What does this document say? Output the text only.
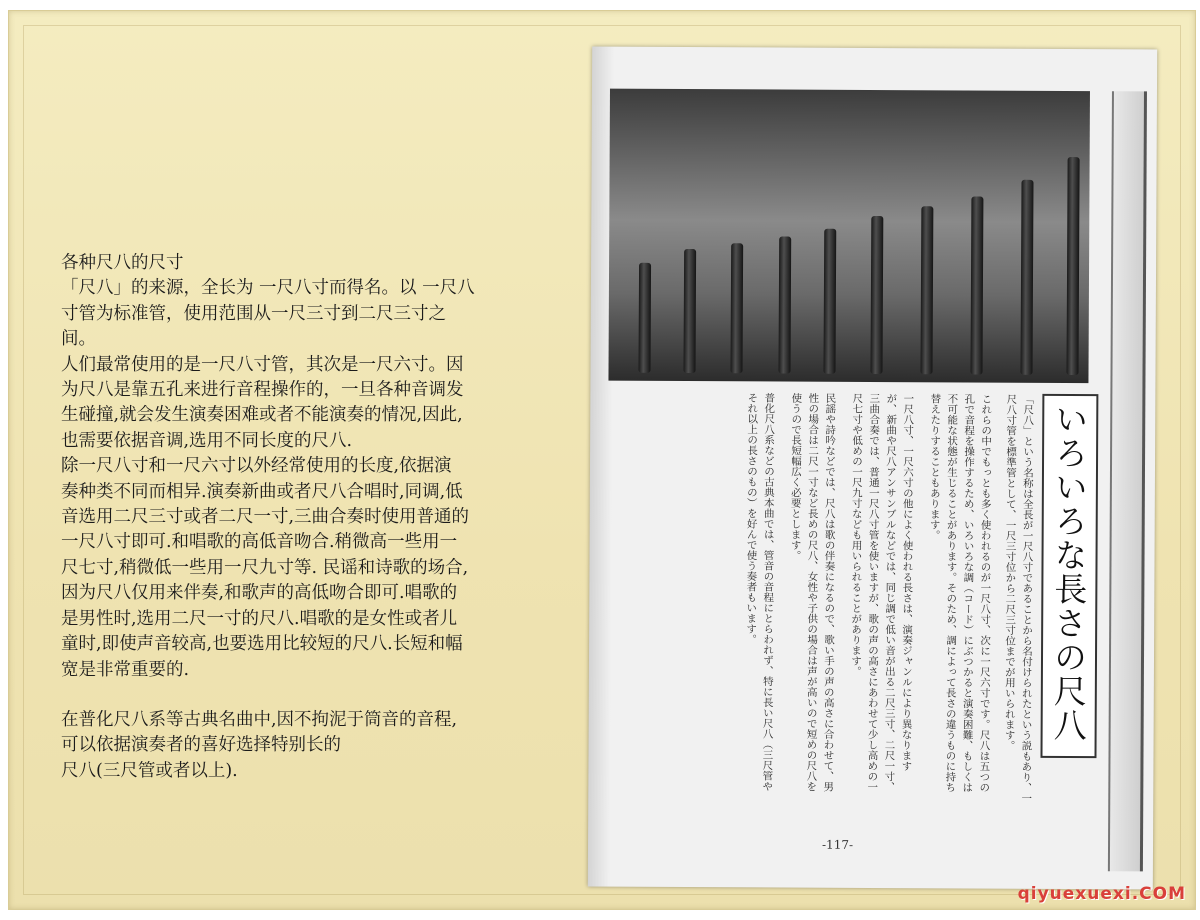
各种尺八的尺寸
「尺八」的来源，全长为 一尺八寸而得名。以 一尺八
寸管为标准管，使用范围从一尺三寸到二尺三寸之
间。
人们最常使用的是一尺八寸管，其次是一尺六寸。因
为尺八是靠五孔来进行音程操作的，一旦各种音调发
生碰撞,就会发生演奏困难或者不能演奏的情况,因此,
也需要依据音调,选用不同长度的尺八.
除一尺八寸和一尺六寸以外经常使用的长度,依据演
奏种类不同而相异.演奏新曲或者尺八合唱时,同调,低
音选用二尺三寸或者二尺一寸,三曲合奏时使用普通的
一尺八寸即可.和唱歌的高低音吻合.稍微高一些用一
尺七寸,稍微低一些用一尺九寸等. 民谣和诗歌的场合,
因为尺八仅用来伴奏,和歌声的高低吻合即可.唱歌的
是男性时,选用二尺一寸的尺八.唱歌的是女性或者儿
童时,即使声音较高,也要选用比较短的尺八.长短和幅
宽是非常重要的.
在普化尺八系等古典名曲中,因不拘泥于筒音的音程,
可以依据演奏者的喜好选择特别长的
尺八(三尺管或者以上).
いろいろな長さの尺八
「尺八」という名称は全長が一尺八寸であることから名付けられたという説もあり、一
尺八寸管を標準管として、一尺三寸位から二尺三寸位までが用いられます。
これらの中でもっとも多く使われるのが一尺八寸、次に一尺六寸です。尺八は五つの
孔で音程を操作するため、いろいろな調（コード）にぶつかると演奏困難、もしくは
不可能な状態が生じることがあります。そのため、調によって長さの違うものに持ち
替えたりすることもあります。
一尺八寸、一尺六寸の他によく使われる長さは、演奏ジャンルにより異なります
が、新曲や尺八アンサンブルなどでは、同じ調で低い音が出る二尺三寸、二尺一寸、
三曲合奏では、普通一尺八寸管を使いますが、歌の声の高さにあわせて少し高めの一
尺七寸や低めの一尺九寸なども用いられることがあります。
民謡や詩吟などでは、尺八は歌の伴奏になるので、歌い手の声の高さに合わせて、男
性の場合は二尺一寸など長めの尺八、女性や子供の場合は声が高いので短めの尺八を
使うので長短幅広く必要とします。
普化尺八系などの古典本曲では、管音の音程にとらわれず、特に長い尺八（三尺管や
それ以上の長さのもの）を好んで使う奏者もいます。
-117-
qiyuexuexi.COM
